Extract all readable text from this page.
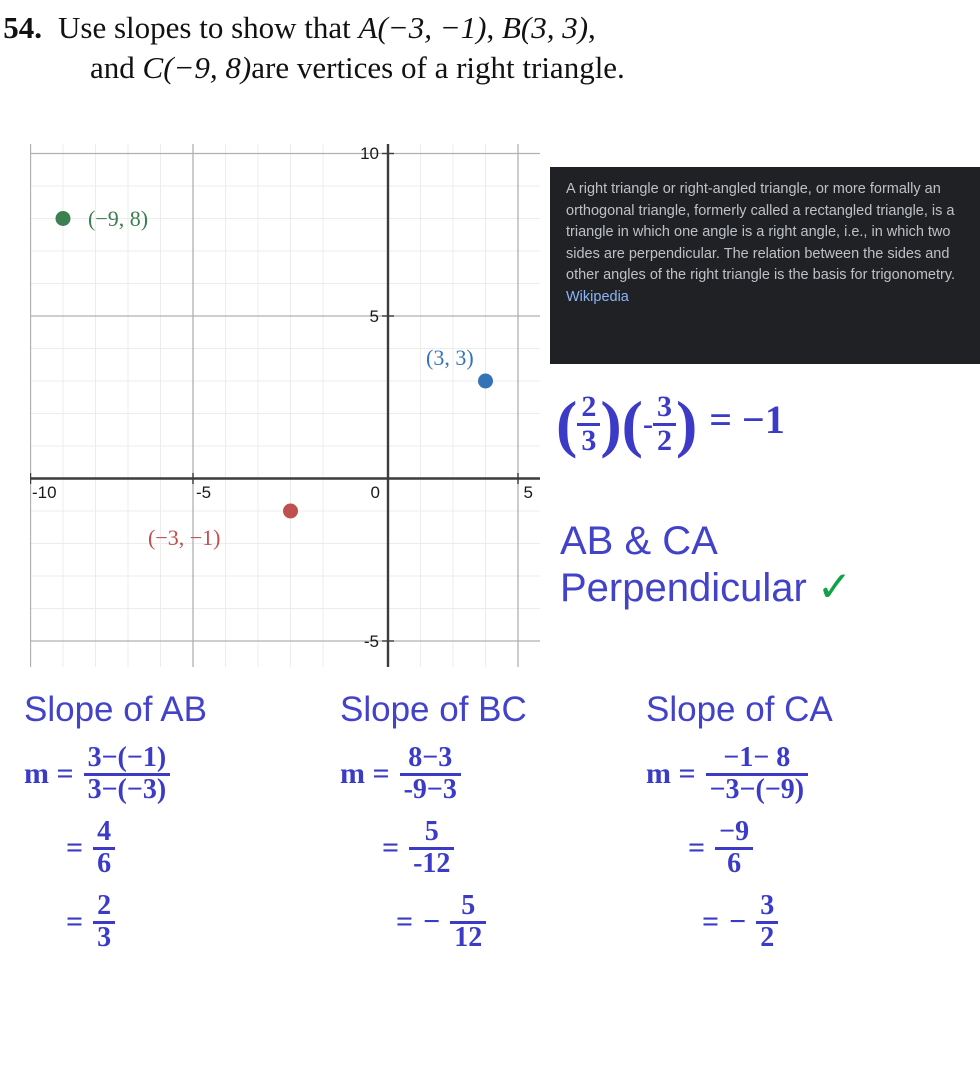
54. Use slopes to show that A(−3, −1), B(3, 3),
and C(−9, 8)are vertices of a right triangle.
-10	-5	0	5
10
5
-5
(−9, 8)
(3, 3)
(−3, −1)

A right triangle or right-angled triangle, or more formally an orthogonal triangle, formerly called a rectangled triangle, is a triangle in which one angle is a right angle, i.e., in which two sides are perpendicular. The relation between the sides and other angles of the right triangle is the basis for trigonometry. Wikipedia

( $\frac{2}{3}$ )(- $\frac{3}{2}$ ) = −1
AB & CA
Perpendicular ✓
Slope of AB
$m = \frac{3-(-1)}{3-(-3)}$
= $\frac{4}{6}$
= $\frac{2}{3}$
Slope of BC
$m = \frac{8-3}{-9-3}$
= $\frac{5}{-12}$
= − $\frac{5}{12}$
Slope of CA
$m = \frac{-1- 8}{-3-(-9)}$
= $\frac{-9}{6}$
= − $\frac{3}{2}$
